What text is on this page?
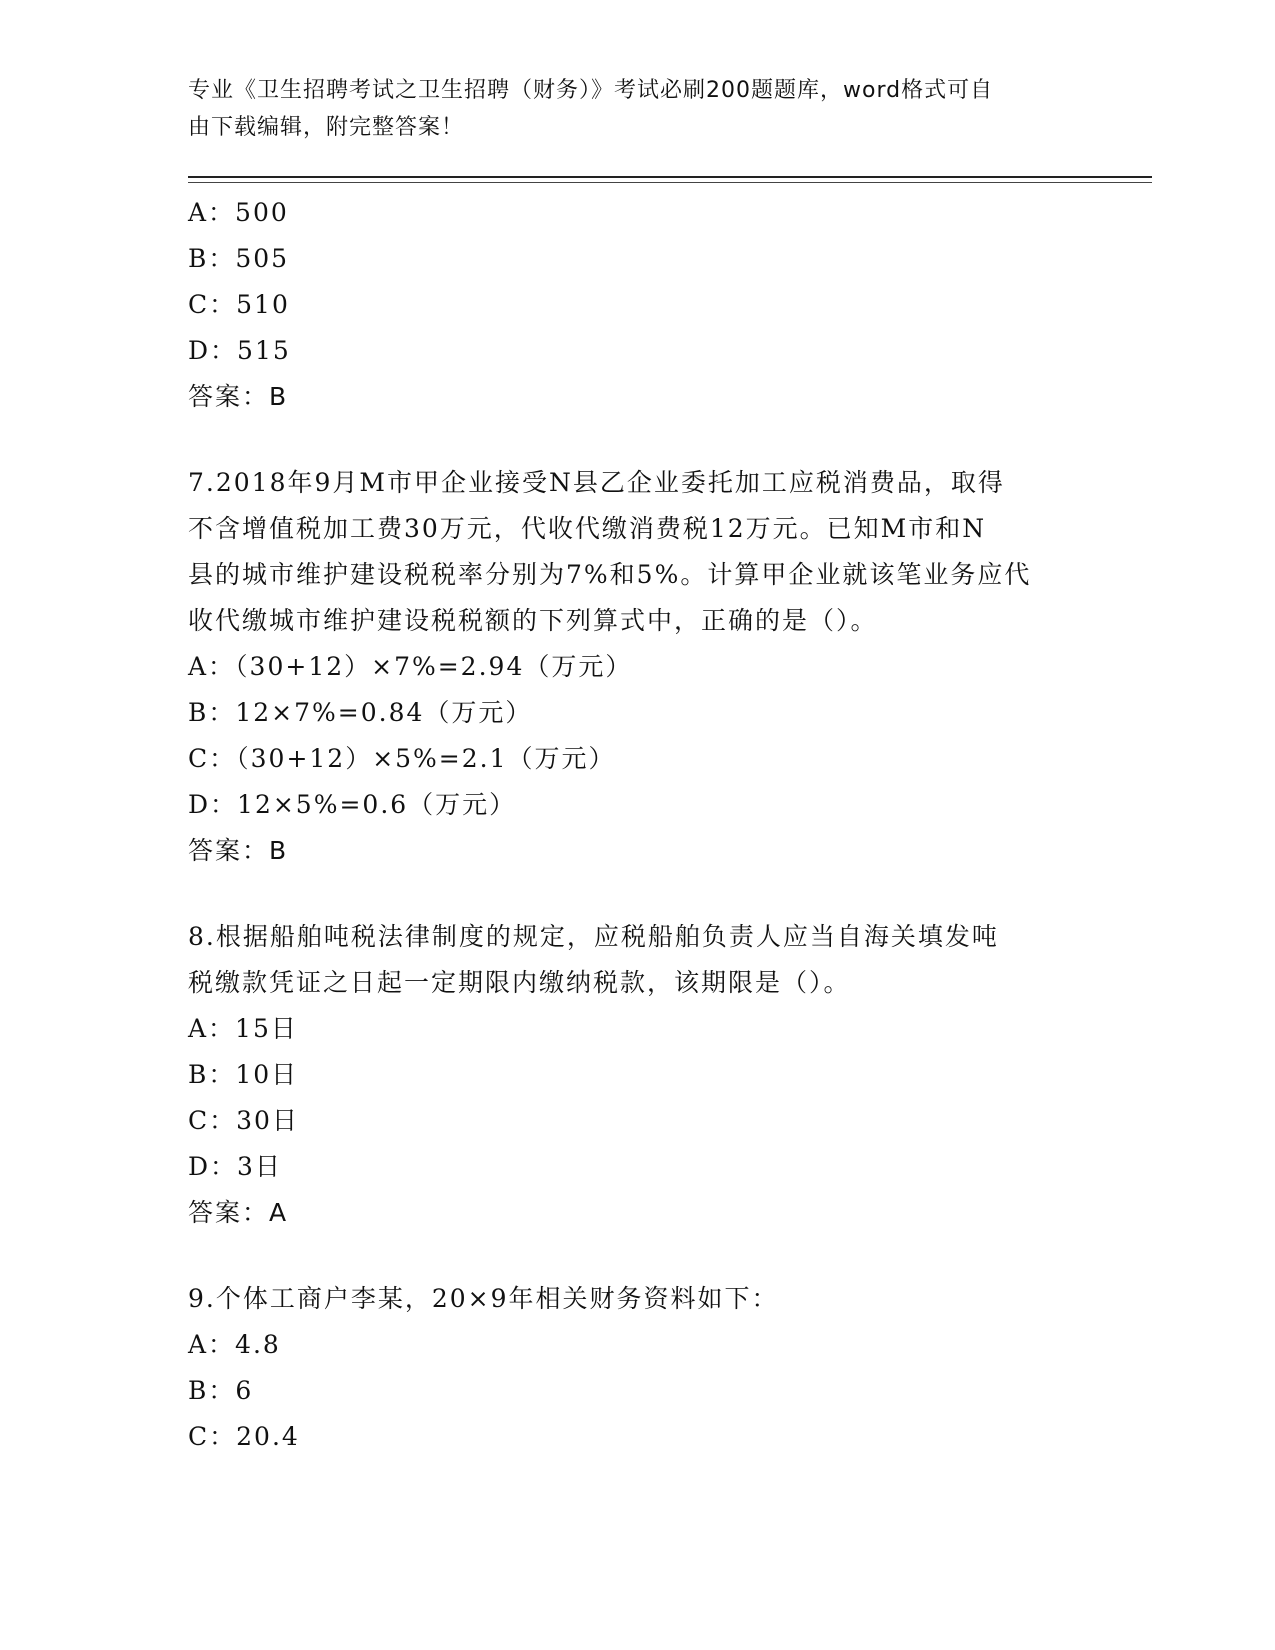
专业《卫生招聘考试之卫生招聘（财务）》考试必刷200题题库，word格式可自
由下载编辑，附完整答案！
A：500
B：505
C：510
D：515
答案：B
7.2018年9月M市甲企业接受N县乙企业委托加工应税消费品，取得
不含增值税加工费30万元，代收代缴消费税12万元。已知M市和N
县的城市维护建设税税率分别为7%和5%。计算甲企业就该笔业务应代
收代缴城市维护建设税税额的下列算式中，正确的是（）。
A：（30+12）×7%=2.94（万元）
B：12×7%=0.84（万元）
C：（30+12）×5%=2.1（万元）
D：12×5%=0.6（万元）
答案：B
8.根据船舶吨税法律制度的规定，应税船舶负责人应当自海关填发吨
税缴款凭证之日起一定期限内缴纳税款，该期限是（）。
A：15日
B：10日
C：30日
D：3日
答案：A
9.个体工商户李某，20×9年相关财务资料如下：
A：4.8
B：6
C：20.4
